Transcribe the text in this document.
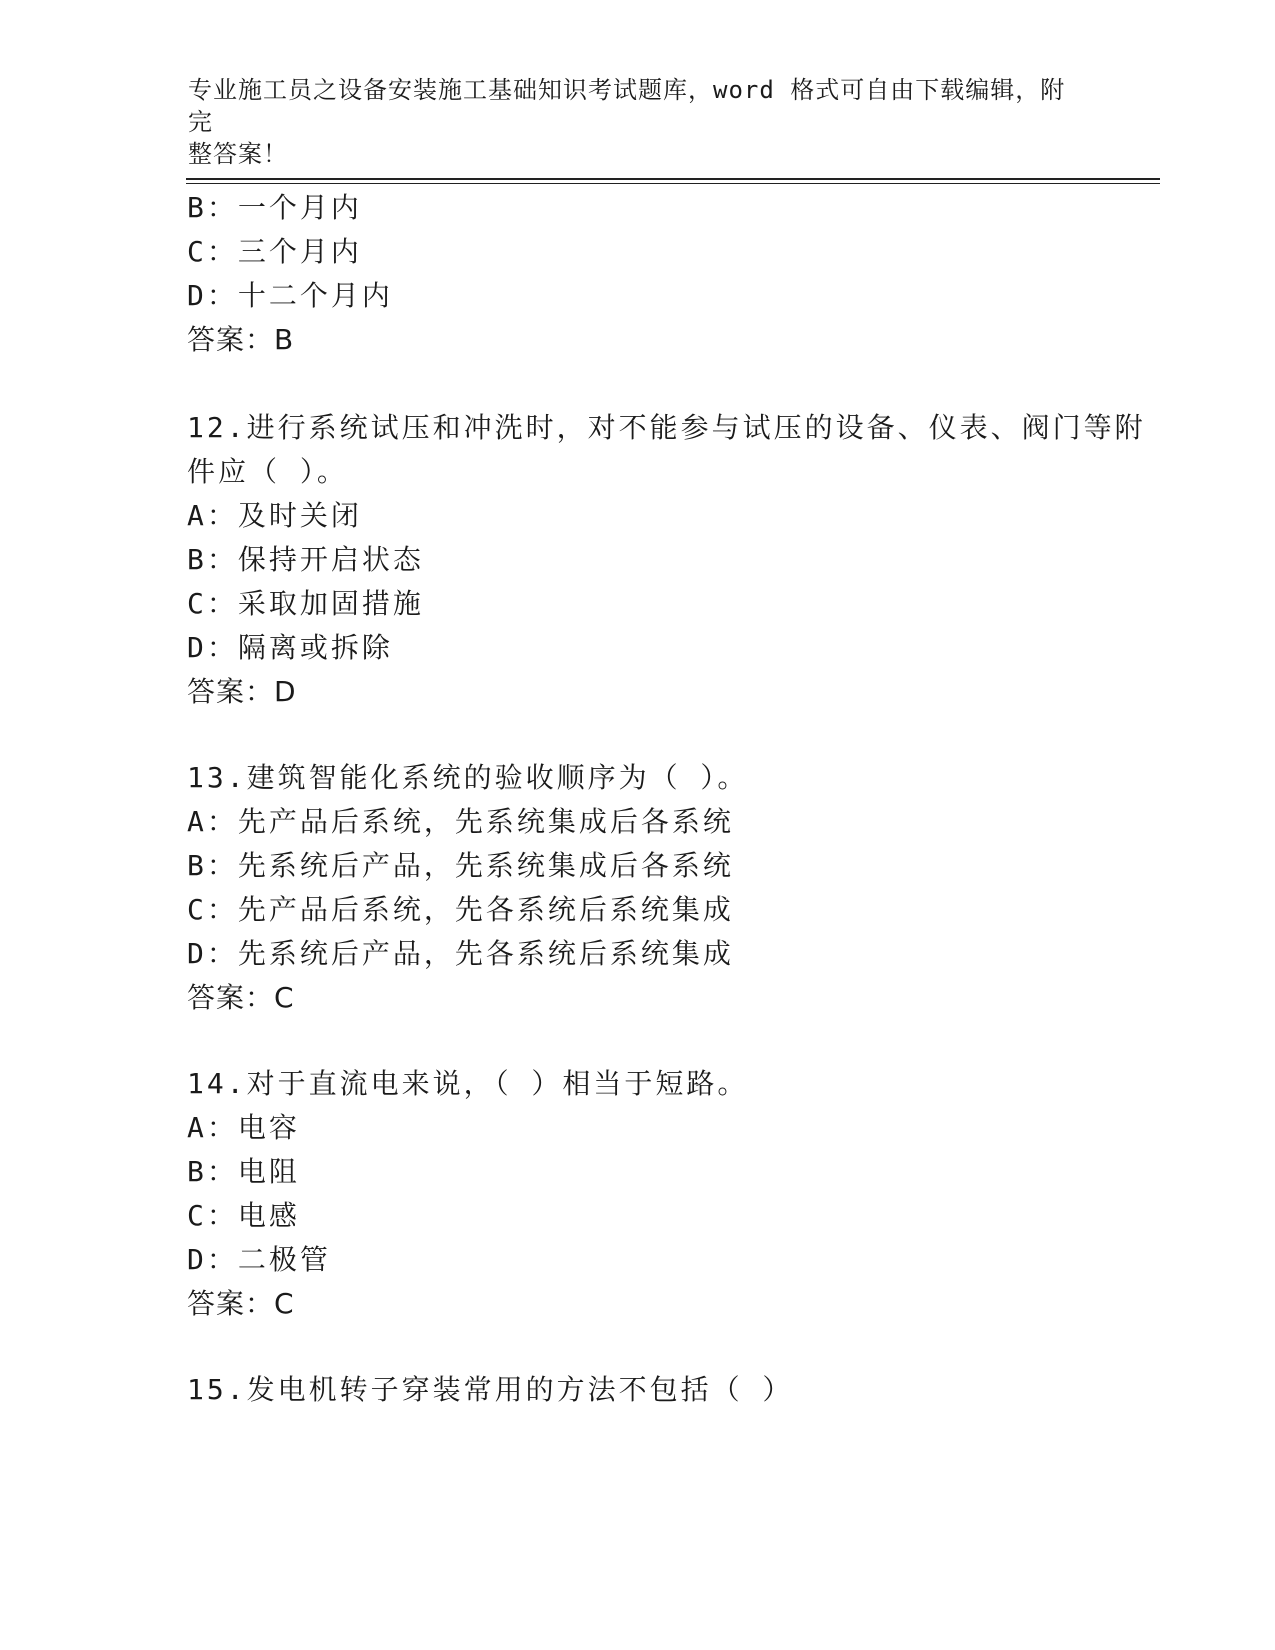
专业施工员之设备安装施工基础知识考试题库，word 格式可自由下载编辑，附完
整答案！
B：一个月内
C：三个月内
D：十二个月内
答案：B
12.进行系统试压和冲洗时，对不能参与试压的设备、仪表、阀门等附
件应（ ）。
A：及时关闭
B：保持开启状态
C：采取加固措施
D：隔离或拆除
答案：D
13.建筑智能化系统的验收顺序为（ ）。
A：先产品后系统，先系统集成后各系统
B：先系统后产品，先系统集成后各系统
C：先产品后系统，先各系统后系统集成
D：先系统后产品，先各系统后系统集成
答案：C
14.对于直流电来说，（ ）相当于短路。
A：电容
B：电阻
C：电感
D：二极管
答案：C
15.发电机转子穿装常用的方法不包括（ ）
